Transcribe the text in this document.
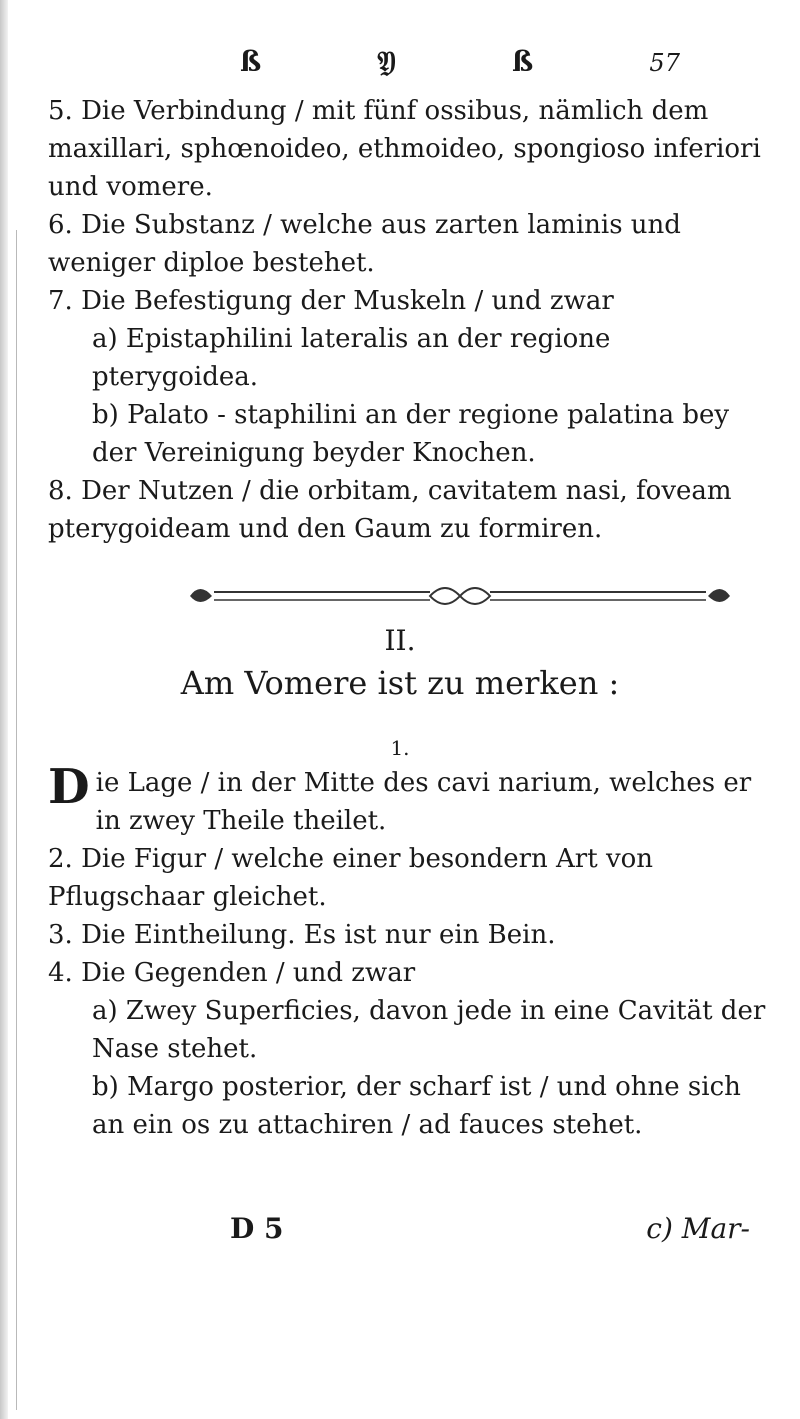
ß	𝔜	ß	57

5. Die Verbindung / mit fünf ossibus, nämlich dem maxillari, sphœnoideo, ethmoideo, spongioso inferiori und vomere.

6. Die Substanz / welche aus zarten laminis und weniger diploe bestehet.

7. Die Befestigung der Muskeln / und zwar

a) Epistaphilini lateralis an der regione pterygoidea.

b) Palato - staphilini an der regione palatina bey der Vereinigung beyder Knochen.

8. Der Nutzen / die orbitam, cavitatem nasi, foveam pterygoideam und den Gaum zu formiren.

II.
Am Vomere ist zu merken :
1.

D ie Lage / in der Mitte des cavi narium, welches er in zwey Theile theilet.

2. Die Figur / welche einer besondern Art von Pflugschaar gleichet.

3. Die Eintheilung. Es ist nur ein Bein.

4. Die Gegenden / und zwar

a) Zwey Superficies, davon jede in eine Cavität der Nase stehet.

b) Margo posterior, der scharf ist / und ohne sich an ein os zu attachiren / ad fauces stehet.

D 5	c) Mar-
